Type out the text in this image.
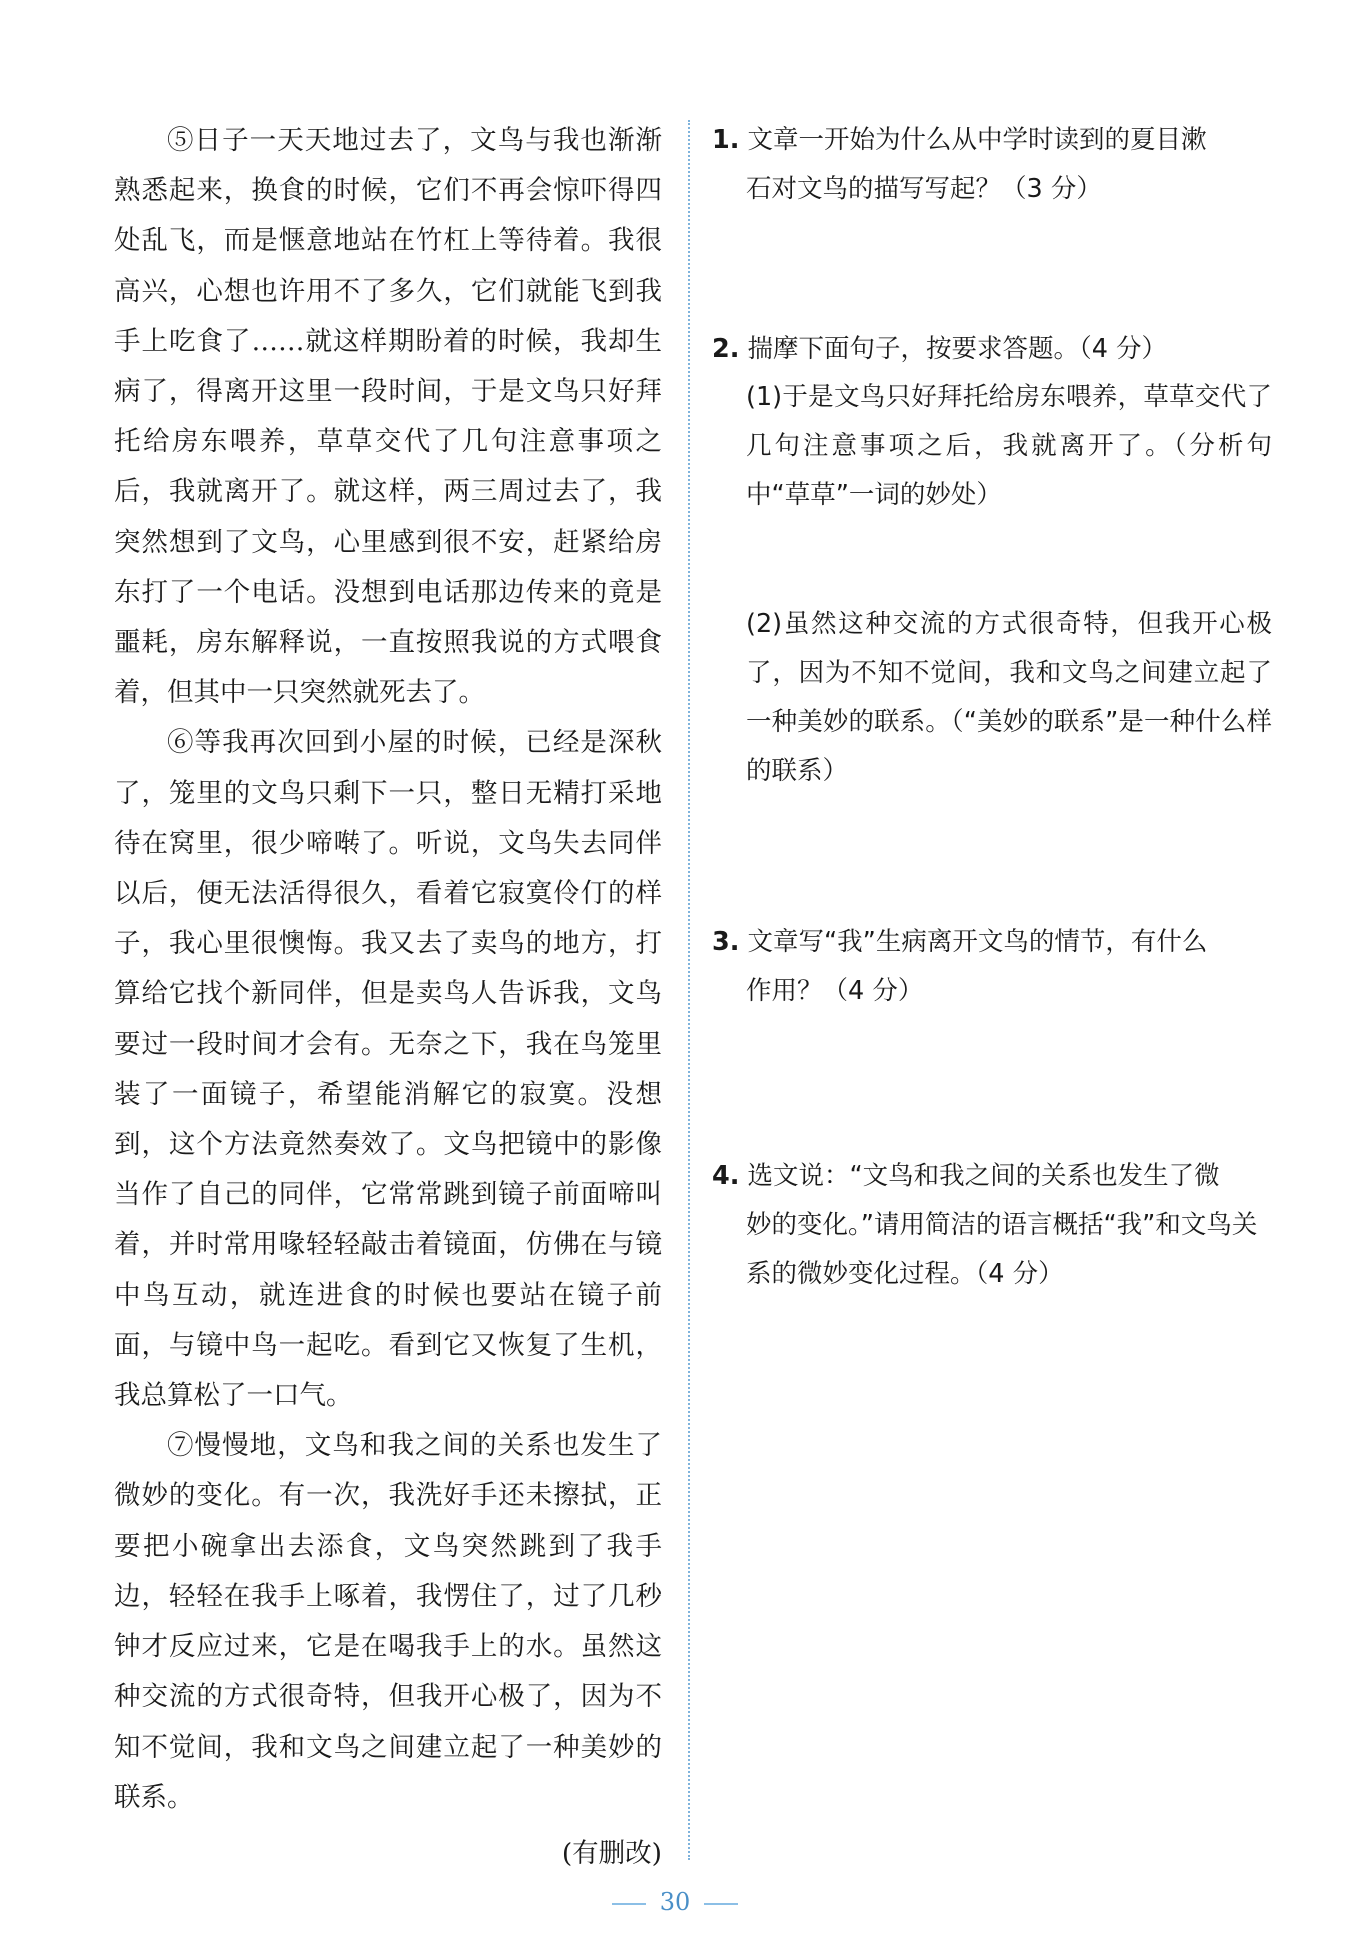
⑤日子一天天地过去了，文鸟与我也渐渐熟悉起来，换食的时候，它们不再会惊吓得四处乱飞，而是惬意地站在竹杠上等待着。我很高兴，心想也许用不了多久，它们就能飞到我手上吃食了……就这样期盼着的时候，我却生病了，得离开这里一段时间，于是文鸟只好拜托给房东喂养，草草交代了几句注意事项之后，我就离开了。就这样，两三周过去了，我突然想到了文鸟，心里感到很不安，赶紧给房东打了一个电话。没想到电话那边传来的竟是噩耗，房东解释说，一直按照我说的方式喂食着，但其中一只突然就死去了。

⑥等我再次回到小屋的时候，已经是深秋了，笼里的文鸟只剩下一只，整日无精打采地待在窝里，很少啼啭了。听说，文鸟失去同伴以后，便无法活得很久，看着它寂寞伶仃的样子，我心里很懊悔。我又去了卖鸟的地方，打算给它找个新同伴，但是卖鸟人告诉我，文鸟要过一段时间才会有。无奈之下，我在鸟笼里装了一面镜子，希望能消解它的寂寞。没想到，这个方法竟然奏效了。文鸟把镜中的影像当作了自己的同伴，它常常跳到镜子前面啼叫着，并时常用喙轻轻敲击着镜面，仿佛在与镜中鸟互动，就连进食的时候也要站在镜子前面，与镜中鸟一起吃。看到它又恢复了生机，我总算松了一口气。

⑦慢慢地，文鸟和我之间的关系也发生了微妙的变化。有一次，我洗好手还未擦拭，正要把小碗拿出去添食，文鸟突然跳到了我手边，轻轻在我手上啄着，我愣住了，过了几秒钟才反应过来，它是在喝我手上的水。虽然这种交流的方式很奇特，但我开心极了，因为不知不觉间，我和文鸟之间建立起了一种美妙的联系。

(有删改)

1. 文章一开始为什么从中学时读到的夏目漱
石对文鸟的描写写起？（3 分）

2. 揣摩下面句子，按要求答题。（4 分）

(1)于是文鸟只好拜托给房东喂养，草草交代了几句注意事项之后，我就离开了。（分析句中“草草”一词的妙处）

(2)虽然这种交流的方式很奇特，但我开心极了，因为不知不觉间，我和文鸟之间建立起了一种美妙的联系。（“美妙的联系”是一种什么样的联系）

3. 文章写“我”生病离开文鸟的情节，有什么
作用？（4 分）

4. 选文说：“文鸟和我之间的关系也发生了微
妙的变化。”请用简洁的语言概括“我”和文鸟关系的微妙变化过程。（4 分）

30
